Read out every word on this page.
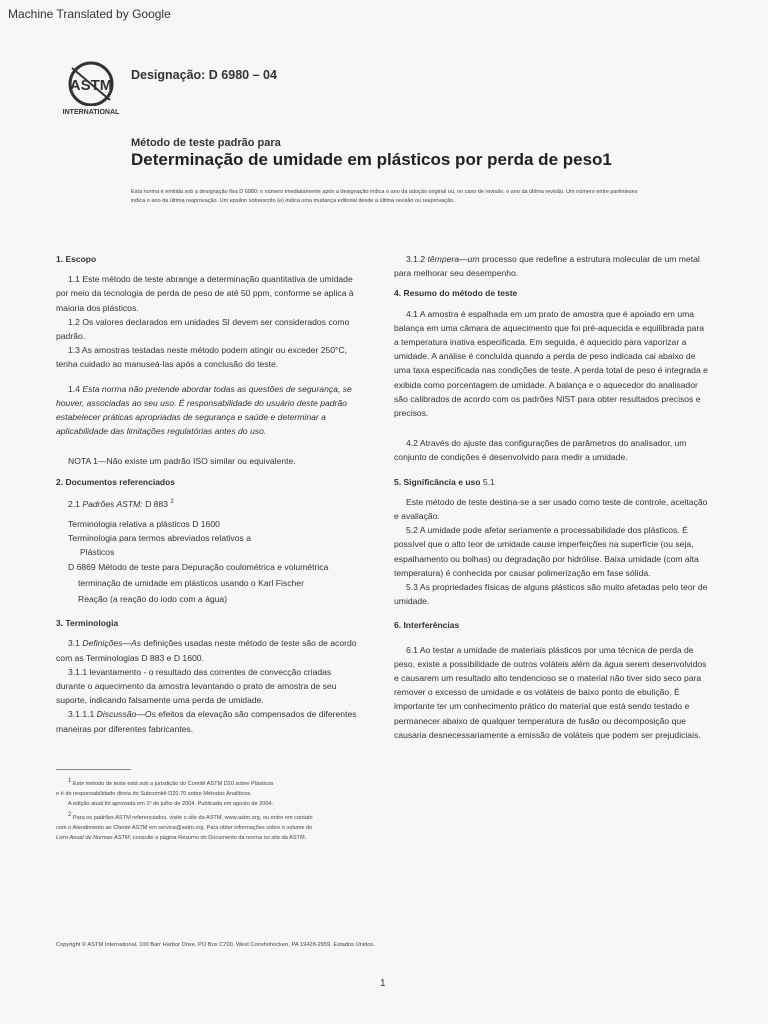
Machine Translated by Google
ASTM
INTERNATIONAL
Designação: D 6980 – 04
Método de teste padrão para
Determinação de umidade em plásticos por perda de peso1
Esta norma é emitida sob a designação fixa D 6980; o número imediatamente após a designação indica o ano da adoção original ou, no caso de revisão, o ano da última revisão. Um número entre parênteses indica o ano da última reaprovação. Um epsilon sobrescrito (e) indica uma mudança editorial desde a última revisão ou reaprovação.

1. Escopo

1.1 Este método de teste abrange a determinação quantitativa de umidade por meio da tecnologia de perda de peso de até 50 ppm, conforme se aplica à maioria dos plásticos.

1.2 Os valores declarados em unidades SI devem ser considerados como padrão.

1.3 As amostras testadas neste método podem atingir ou exceder 250°C, tenha cuidado ao manuseá-las após a conclusão do teste.

1.4 Esta norma não pretende abordar todas as questões de segurança, se houver, associadas ao seu uso. É responsabilidade do usuário deste padrão estabelecer práticas apropriadas de segurança e saúde e determinar a aplicabilidade das limitações regulatórias antes do uso.

NOTA 1—Não existe um padrão ISO similar ou equivalente.

2. Documentos referenciados

2.1 Padrões ASTM: D 883 $^2$

Terminologia relativa a plásticos D 1600

Terminologia para termos abreviados relativos a

Plásticos

D 6869 Método de teste para Depuração coulométrica e volumétrica

terminação de umidade em plásticos usando o Karl Fischer

Reação (a reação do iodo com a água)

3. Terminologia

3.1 Definições—As definições usadas neste método de teste são de acordo com as Terminologias D 883 e D 1600.

3.1.1 levantamento - o resultado das correntes de convecção criadas durante o aquecimento da amostra levantando o prato de amostra de seu suporte, indicando falsamente uma perda de umidade.

3.1.1.1 Discussão—Os efeitos da elevação são compensados de diferentes maneiras por diferentes fabricantes.

3.1.2 têmpera—um processo que redefine a estrutura molecular de um metal para melhorar seu desempenho.

4. Resumo do método de teste

4.1 A amostra é espalhada em um prato de amostra que é apoiado em uma balança em uma câmara de aquecimento que foi pré-aquecida e equilibrada para a temperatura inativa especificada. Em seguida, é aquecido para vaporizar a umidade. A análise é concluída quando a perda de peso indicada cai abaixo de uma taxa especificada nas condições de teste. A perda total de peso é integrada e exibida como porcentagem de umidade. A balança e o aquecedor do analisador são calibrados de acordo com os padrões NIST para obter resultados precisos e precisos.

4.2 Através do ajuste das configurações de parâmetros do analisador, um conjunto de condições é desenvolvido para medir a umidade.

5. Significância e uso 5.1

Este método de teste destina-se a ser usado como teste de controle, aceitação e avaliação.

5.2 A umidade pode afetar seriamente a processabilidade dos plásticos. É possível que o alto teor de umidade cause imperfeições na superfície (ou seja, espalhamento ou bolhas) ou degradação por hidrólise. Baixa umidade (com alta temperatura) é conhecida por causar polimerização em fase sólida.

5.3 As propriedades físicas de alguns plásticos são muito afetadas pelo teor de umidade.

6. Interferências

6.1 Ao testar a umidade de materiais plásticos por uma técnica de perda de peso, existe a possibilidade de outros voláteis além da água serem desenvolvidos e causarem um resultado alto tendencioso se o material não tiver sido seco para remover o excesso de umidade e os voláteis de baixo ponto de ebulição. É importante ter um conhecimento prático do material que está sendo testado e permanecer abaixo de qualquer temperatura de fusão ou decomposição que causaria desnecessariamente a emissão de voláteis que podem ser prejudiciais.

$^1$ Este método de teste está sob a jurisdição do Comitê ASTM D20 sobre Plásticos

e é de responsabilidade direta do Subcomitê D20.70 sobre Métodos Analíticos.

A edição atual foi aprovada em 1º de julho de 2004. Publicada em agosto de 2004.

$^2$ Para os padrões ASTM referenciados, visite o site da ASTM, www.astm.org, ou entre em contato

com o Atendimento ao Cliente ASTM em service@astm.org. Para obter informações sobre o volume do

Livro Anual de Normas ASTM, consulte a página Resumo do Documento da norma no site da ASTM.

Copyright © ASTM International, 100 Barr Harbor Drive, PO Box C700, West Conshohocken, PA 19428-2959, Estados Unidos.
1
